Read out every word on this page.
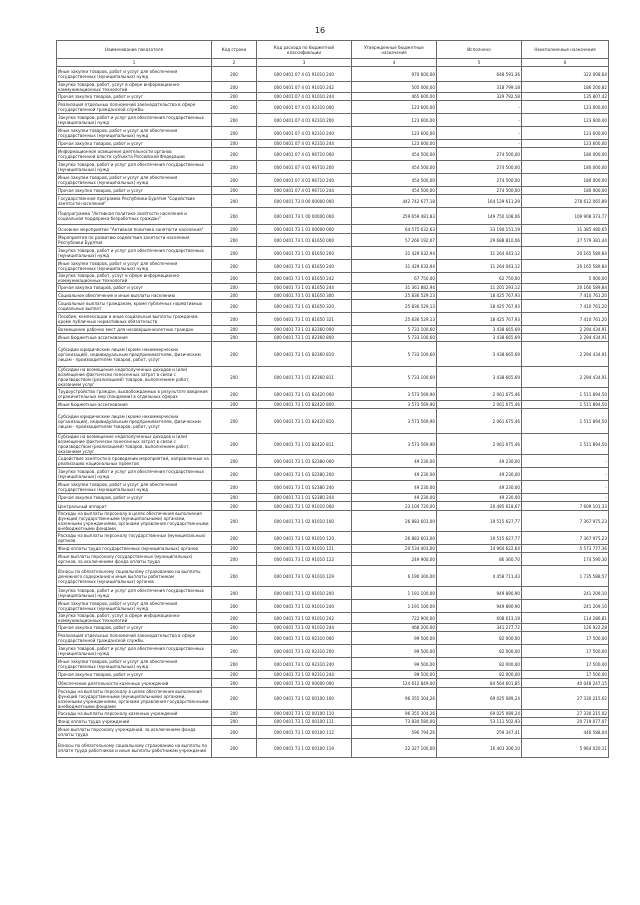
16
Наименование показателя	Код строки	Код расхода по бюджетной классификации	Утвержденные бюджетные назначения	Исполнено	Неисполненные назначения
1	2	3	4	5	6
Иные закупки товаров, работ и услуг для обеспечения государственных (муниципальных) нужд	200	000 0401 07 4 01 91010 240	970 600,00	648 591,36	322 008,64
Закупка товаров, работ, услуг в сфере информационно-коммуникационных технологий	200	000 0401 07 4 01 91010 242	505 000,00	318 799,18	186 200,82
Прочая закупка товаров, работ и услуг	200	000 0401 07 4 01 91010 244	465 600,00	329 792,58	135 807,42
Реализация отдельных полномочий законодательства в сфере государственной гражданской службы	200	000 0401 07 4 01 92310 000	123 600,00	-	123 600,00
Закупка товаров, работ и услуг для обеспечения государственных (муниципальных) нужд	200	000 0401 07 4 01 92310 200	123 600,00	-	123 600,00
Иные закупки товаров, работ и услуг для обеспечения государственных (муниципальных) нужд	200	000 0401 07 4 01 92310 240	123 600,00	-	123 600,00
Прочая закупка товаров, работ и услуг	200	000 0401 07 4 01 92310 244	123 600,00	-	123 600,00
Информационное освещение деятельности органов государственной власти субъекта Российской Федерации	200	000 0401 07 4 01 96710 000	454 500,00	274 500,00	180 000,00
Закупка товаров, работ и услуг для обеспечения государственных (муниципальных) нужд	200	000 0401 07 4 01 96710 200	454 500,00	274 500,00	180 000,00
Иные закупки товаров, работ и услуг для обеспечения государственных (муниципальных) нужд	200	000 0401 07 4 01 96710 240	454 500,00	274 500,00	180 000,00
Прочая закупка товаров, работ и услуг	200	000 0401 07 4 01 96710 244	454 500,00	274 500,00	180 000,00
Государственная программа Республики Бурятия "Содействие занятости населения"	200	000 0401 73 0 00 00000 000	442 742 677,18	164 129 611,29	278 612 065,89
Подпрограмма "Активная политика занятости населения и социальная поддержка безработных граждан"	200	000 0401 73 1 00 00000 000	259 659 481,83	149 750 108,06	109 908 373,77
Основное мероприятие "Активная политика занятости населения"	200	000 0401 73 1 01 00000 000	64 575 632,63	33 190 151,19	31 385 480,65
Мероприятия по развитию содействия занятости населения Республики Бурятия	200	000 0401 73 1 01 81650 000	57 266 192,07	29 688 810,06	27 579 381,44
Закупка товаров, работ и услуг для обеспечения государственных (муниципальных) нужд	200	000 0401 73 1 01 81650 200	31 429 632,94	11 264 043,12	20 165 589,84
Иные закупки товаров, работ и услуг для обеспечения государственных (муниципальных) нужд	200	000 0401 73 1 01 81650 240	31 429 632,94	11 264 043,12	20 165 589,84
Закупка товаров, работ, услуг в сфере информационно-коммуникационных технологий	200	000 0401 73 1 01 81650 242	67 750,00	62 750,00	5 000,00
Прочая закупка товаров, работ и услуг	200	000 0401 73 1 01 81650 244	31 361 882,94	11 201 293,12	20 160 589,84
Социальное обеспечение и иные выплаты населению	200	000 0401 73 1 01 81650 300	25 836 529,13	18 425 767,93	7 410 761,20
Социальные выплаты гражданам, кроме публичных нормативных социальных выплат	200	000 0401 73 1 01 81650 320	25 836 529,13	18 425 767,93	7 410 761,20
Пособия, компенсации и иные социальные выплаты гражданам, кроме публичных нормативных обязательств	200	000 0401 73 1 01 81650 321	25 836 529,13	18 425 767,93	7 410 761,20
Возмещение рабочих мест для несовершеннолетних граждан	200	000 0401 73 1 01 82360 000	5 733 100,60	3 438 665,69	2 294 434,91
Иные бюджетные ассигнования	200	000 0401 73 1 01 82360 800	5 733 100,60	3 438 665,69	2 294 434,91
Субсидии юридическим лицам (кроме некоммерческих организаций), индивидуальным предпринимателям, физическим лицам - производителям товаров, работ, услуг	200	000 0401 73 1 01 82360 810	5 733 100,60	3 438 665,69	2 294 434,91
Субсидии на возмещение недополученных доходов и (или) возмещение фактически понесенных затрат в связи с производством (реализацией) товаров, выполнением работ, оказанием услуг	200	000 0401 73 1 01 82360 811	5 733 100,60	3 438 665,69	2 294 434,91
Трудоустройство граждан, высвобождаемых в результате введения ограничительных мер (пандемии) в отдельных сферах	200	000 0401 73 1 01 82420 000	3 573 569,90	2 061 675,46	1 511 894,50
Иные бюджетные ассигнования	200	000 0401 73 1 01 82420 800	3 573 569,90	2 061 675,46	1 511 894,50
Субсидии юридическим лицам (кроме некоммерческих организаций), индивидуальным предпринимателям, физическим лицам - производителям товаров, работ, услуг	200	000 0401 73 1 01 82420 810	3 573 569,90	2 061 675,46	1 511 894,50
Субсидии на возмещение недополученных доходов и (или) возмещение фактически понесенных затрат в связи с производством (реализацией) товаров, выполнением работ, оказанием услуг	200	000 0401 73 1 01 82420 811	3 573 569,90	2 061 675,46	1 511 894,50
Содействие занятости в проведении мероприятий, направленных на реализацию национальных проектов	200	000 0401 73 1 01 S2380 000	49 230,00	49 230,00	-
Закупка товаров, работ и услуг для обеспечения государственных (муниципальных) нужд	200	000 0401 73 1 01 S2380 200	49 230,00	49 230,00	-
Иные закупки товаров, работ и услуг для обеспечения государственных (муниципальных) нужд	200	000 0401 73 1 01 S2380 240	49 230,00	49 230,00	-
Прочая закупка товаров, работ и услуг	200	000 0401 73 1 01 S2380 244	49 230,00	49 230,00	-
Центральный аппарат	200	000 0401 73 1 02 91010 000	23 104 720,00	20 495 618,67	7 609 101,33
Расходы на выплаты персоналу в целях обеспечения выполнения функций государственными (муниципальными) органами, казенными учреждениями, органами управления государственными внебюджетными фондами	200	000 0401 73 1 02 91010 100	26 883 603,00	19 515 627,77	7 367 975,23
Расходы на выплаты персоналу государственных (муниципальных) органов	200	000 0401 73 1 02 91010 120	26 883 603,00	19 515 627,77	7 367 975,23
Фонд оплаты труда государственных (муниципальных) органов	200	000 0401 73 1 02 91010 121	20 534 403,00	14 960 622,64	5 573 777,36
Иные выплаты персоналу государственных (муниципальных) органов, за исключением фонда оплаты труда	200	000 0401 73 1 02 91010 122	249 900,00	86 360,70	174 590,30
Взносы по обязательному социальному страхованию на выплаты денежного содержания и иные выплаты работникам государственных (муниципальных) органов	200	000 0401 73 1 02 91010 129	6 190 300,00	4 458 711,43	1 735 588,57
Закупка товаров, работ и услуг для обеспечения государственных (муниципальных) нужд	200	000 0401 73 1 02 91010 200	1 191 100,00	949 890,90	241 209,10
Иные закупки товаров, работ и услуг для обеспечения государственных (муниципальных) нужд	200	000 0401 73 1 02 91010 240	1 191 100,00	949 890,90	241 209,10
Закупка товаров, работ, услуг в сфере информационно-коммуникационных технологий	200	000 0401 73 1 02 91010 242	722 900,00	608 613,19	114 286,81
Прочая закупка товаров, работ и услуг	200	000 0401 73 1 02 91010 244	468 200,00	341 277,72	126 922,28
Реализация отдельных полномочий законодательства в сфере государственной гражданской службы	200	000 0401 73 1 02 92310 000	99 500,00	82 000,00	17 500,00
Закупка товаров, работ и услуг для обеспечения государственных (муниципальных) нужд	200	000 0401 73 1 02 92310 200	99 500,00	82 000,00	17 500,00
Иные закупки товаров, работ и услуг для обеспечения государственных (муниципальных) нужд	200	000 0401 73 1 02 92310 240	99 500,00	82 000,00	17 500,00
Прочая закупка товаров, работ и услуг	200	000 0401 73 1 02 92310 244	99 500,00	82 000,00	17 500,00
Обеспечение деятельности казенных учреждений	200	000 0401 73 1 02 00000 000	124 612 849,00	84 564 601,85	40 048 247,15
Расходы на выплаты персоналу в целях обеспечения выполнения функций государственными (муниципальными) органами, казенными учреждениями, органами управления государственными внебюджетными фондами	200	000 0401 73 1 02 00100 100	96 355 304,26	69 025 089,24	27 330 215,02
Расходы на выплаты персоналу казенных учреждений	200	000 0401 73 1 02 00100 110	96 355 304,26	69 025 089,24	27 330 215,02
Фонд оплаты труда учреждений	200	000 0401 73 1 02 00100 111	73 830 580,00	53 111 502,93	20 719 077,07
Иные выплаты персоналу учреждений, за исключением фонда оплаты труда	200	000 0401 73 1 02 00100 112	596 794,26	259 347,41	446 588,04
Взносы по обязательному социальному страхованию на выплаты по оплате труда работников и иные выплаты работникам учреждений	200	000 0401 73 1 02 00100 119	22 327 100,00	16 403 306,10	5 964 020,11
